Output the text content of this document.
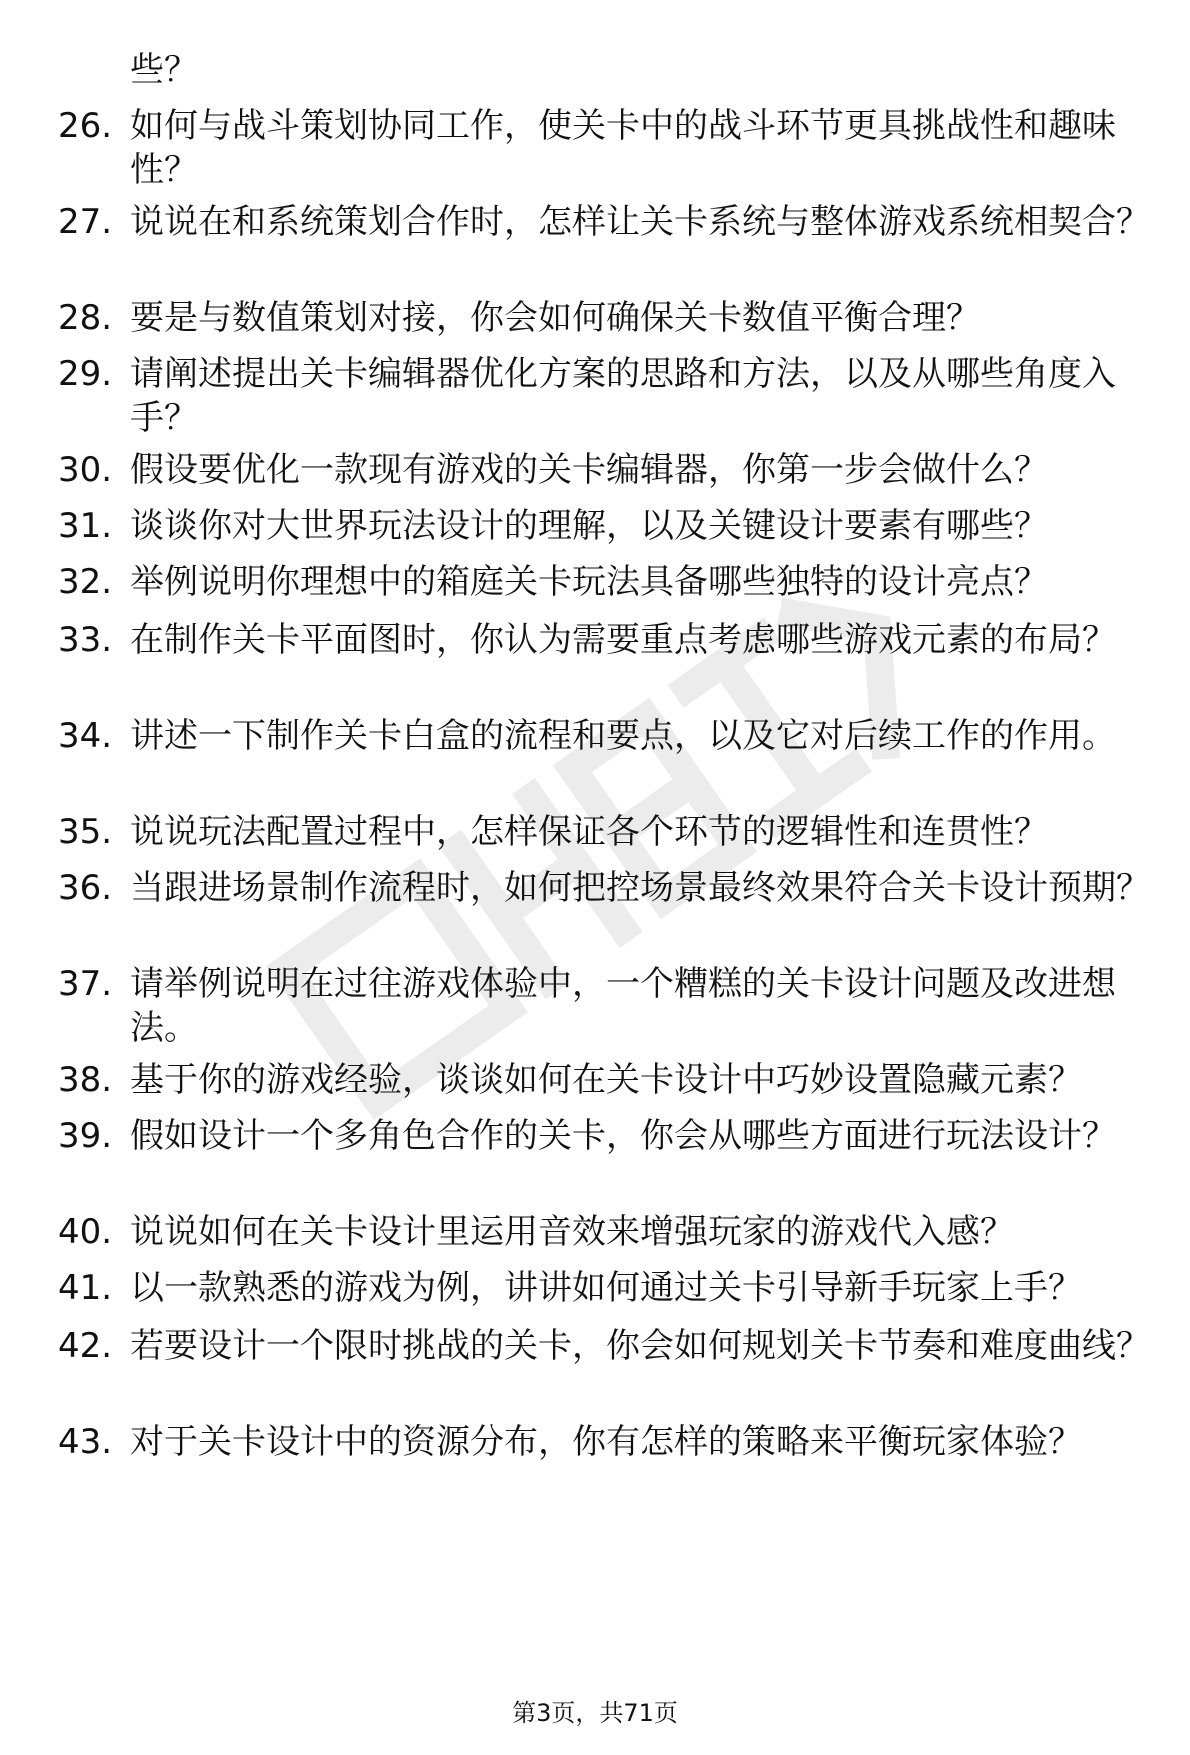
些？
26. 如何与战斗策划协同工作，使关卡中的战斗环节更具挑战性和趣味性？
27. 说说在和系统策划合作时，怎样让关卡系统与整体游戏系统相契合？
28. 要是与数值策划对接，你会如何确保关卡数值平衡合理？
29. 请阐述提出关卡编辑器优化方案的思路和方法，以及从哪些角度入手？
30. 假设要优化一款现有游戏的关卡编辑器，你第一步会做什么？
31. 谈谈你对大世界玩法设计的理解，以及关键设计要素有哪些？
32. 举例说明你理想中的箱庭关卡玩法具备哪些独特的设计亮点？
33. 在制作关卡平面图时，你认为需要重点考虑哪些游戏元素的布局？
34. 讲述一下制作关卡白盒的流程和要点，以及它对后续工作的作用。
35. 说说玩法配置过程中，怎样保证各个环节的逻辑性和连贯性？
36. 当跟进场景制作流程时，如何把控场景最终效果符合关卡设计预期？
37. 请举例说明在过往游戏体验中，一个糟糕的关卡设计问题及改进想法。
38. 基于你的游戏经验，谈谈如何在关卡设计中巧妙设置隐藏元素？
39. 假如设计一个多角色合作的关卡，你会从哪些方面进行玩法设计？
40. 说说如何在关卡设计里运用音效来增强玩家的游戏代入感？
41. 以一款熟悉的游戏为例，讲讲如何通过关卡引导新手玩家上手？
42. 若要设计一个限时挑战的关卡，你会如何规划关卡节奏和难度曲线？
43. 对于关卡设计中的资源分布，你有怎样的策略来平衡玩家体验？
第3页，共71页
